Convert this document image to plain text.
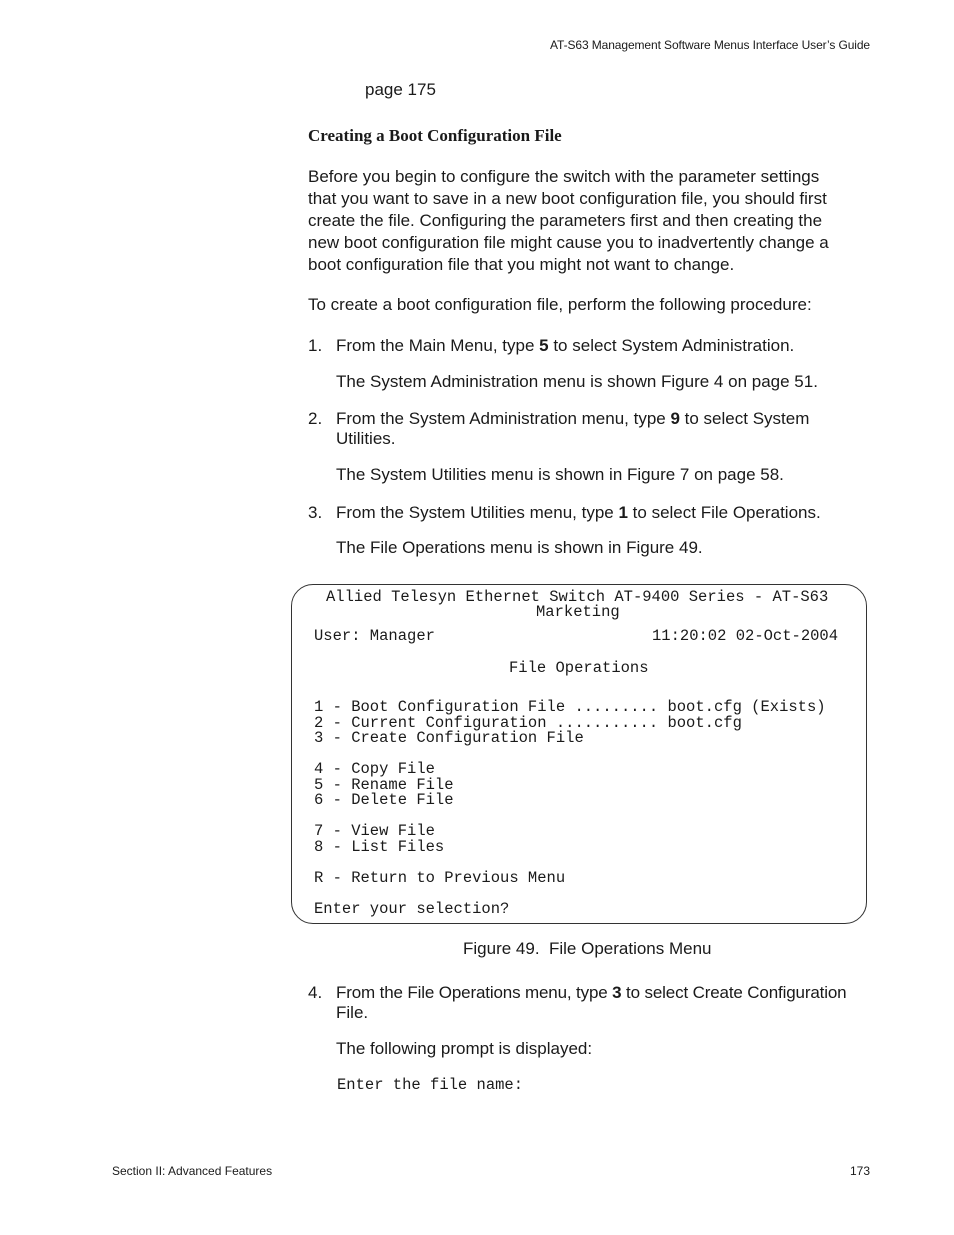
AT-S63 Management Software Menus Interface User’s Guide
page 175
Creating a Boot Configuration File
Before you begin to configure the switch with the parameter settings
that you want to save in a new boot configuration file, you should first
create the file. Configuring the parameters first and then creating the
new boot configuration file might cause you to inadvertently change a
boot configuration file that you might not want to change.
To create a boot configuration file, perform the following procedure:
1. From the Main Menu, type 5 to select System Administration.
The System Administration menu is shown Figure 4 on page 51.
2. From the System Administration menu, type 9 to select System
Utilities.
The System Utilities menu is shown in Figure 7 on page 58.
3. From the System Utilities menu, type 1 to select File Operations.
The File Operations menu is shown in Figure 49.
Allied Telesyn Ethernet Switch AT-9400 Series - AT-S63
Marketing
User: Manager	11:20:02 02-Oct-2004
File Operations
1 - Boot Configuration File ......... boot.cfg (Exists)
2 - Current Configuration ........... boot.cfg
3 - Create Configuration File
4 - Copy File
5 - Rename File
6 - Delete File
7 - View File
8 - List Files
R - Return to Previous Menu
Enter your selection?
Figure 49.  File Operations Menu
4. From the File Operations menu, type 3 to select Create Configuration
File.
The following prompt is displayed:
Enter the file name:
Section II: Advanced Features	173
